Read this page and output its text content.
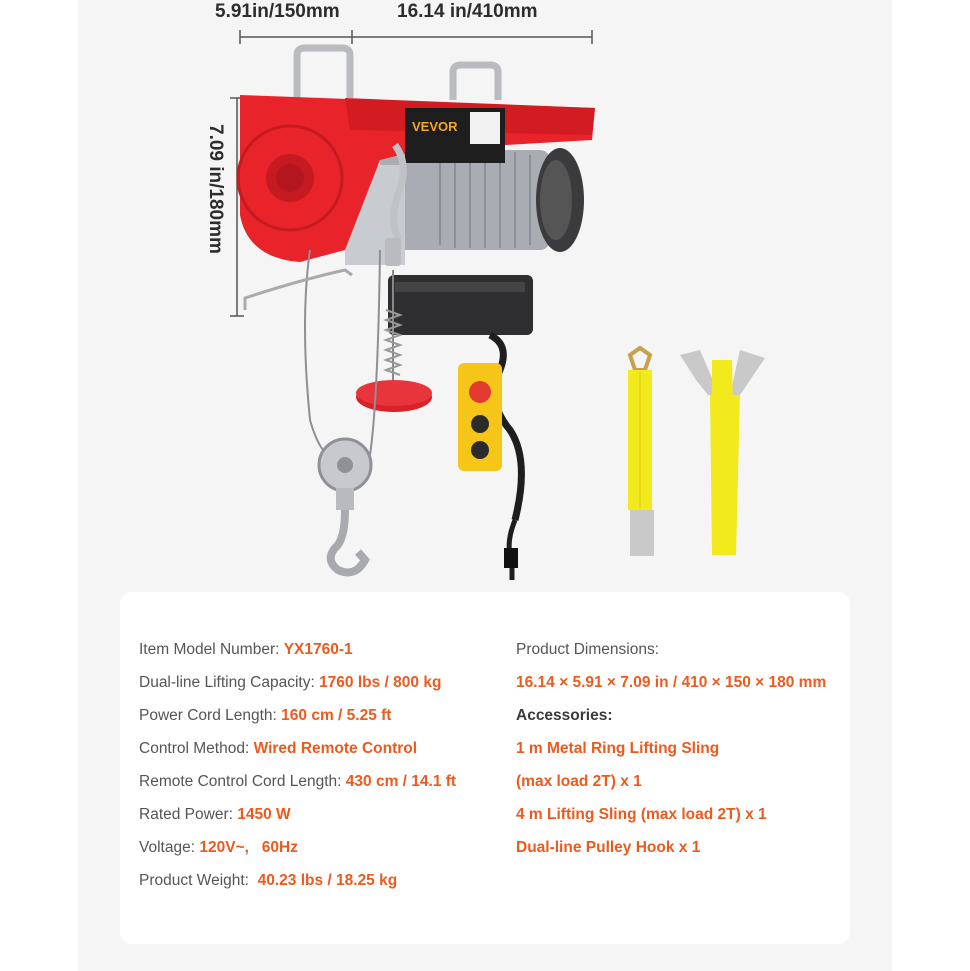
5.91in/150mm	16.14 in/410mm
7.09 in/180mm	VEVOR
Item Model Number: YX1760-1
Dual-line Lifting Capacity: 1760 lbs / 800 kg
Power Cord Length: 160 cm / 5.25 ft
Control Method: Wired Remote Control
Remote Control Cord Length: 430 cm / 14.1 ft
Rated Power: 1450 W
Voltage: 120V~,   60Hz
Product Weight:  40.23 lbs / 18.25 kg
Product Dimensions:
16.14 × 5.91 × 7.09 in / 410 × 150 × 180 mm
Accessories:
1 m Metal Ring Lifting Sling
(max load 2T) x 1
4 m Lifting Sling (max load 2T) x 1
Dual-line Pulley Hook x 1
